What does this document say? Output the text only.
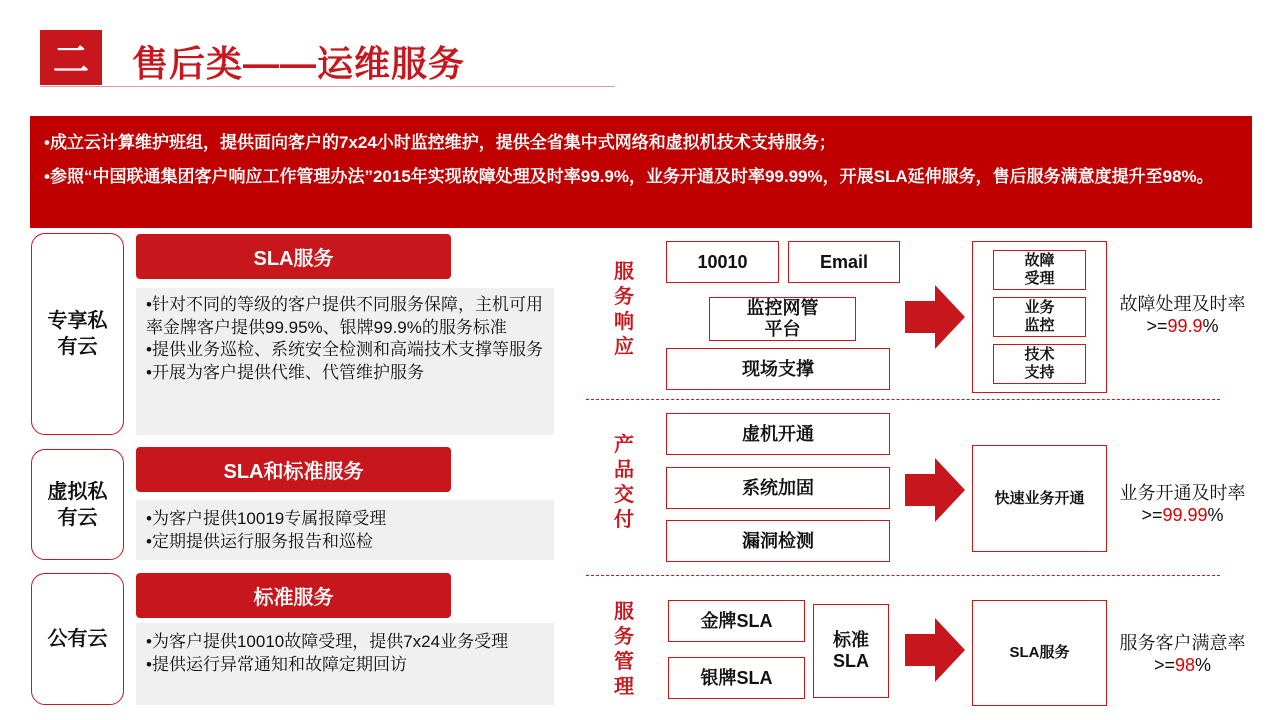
二	售后类——运维服务

•成立云计算维护班组，提供面向客户的7x24小时监控维护，提供全省集中式网络和虚拟机技术支持服务；

•参照“中国联通集团客户响应工作管理办法”2015年实现故障处理及时率99.9%，业务开通及时率99.99%，开展SLA延伸服务，售后服务满意度提升至98%。

专享私有云
SLA服务
•针对不同的等级的客户提供不同服务保障，主机可用率金牌客户提供99.95%、银牌99.9%的服务标准
•提供业务巡检、系统安全检测和高端技术支撑等服务
•开展为客户提供代维、代管维护服务
虚拟私有云
SLA和标准服务
•为客户提供10019专属报障受理
•定期提供运行服务报告和巡检
公有云
标准服务
•为客户提供10010故障受理，提供7x24业务受理
•提供运行异常通知和故障定期回访
服务响应
10010	Email
监控网管平台
现场支撑
故障受理
业务监控
技术支持
故障处理及时率>=99.9%
产品交付
虚机开通
系统加固
漏洞检测
快速业务开通	业务开通及时率>=99.99%
服务管理
金牌SLA
银牌SLA
标准SLA	SLA服务	服务客户满意率>=98%
